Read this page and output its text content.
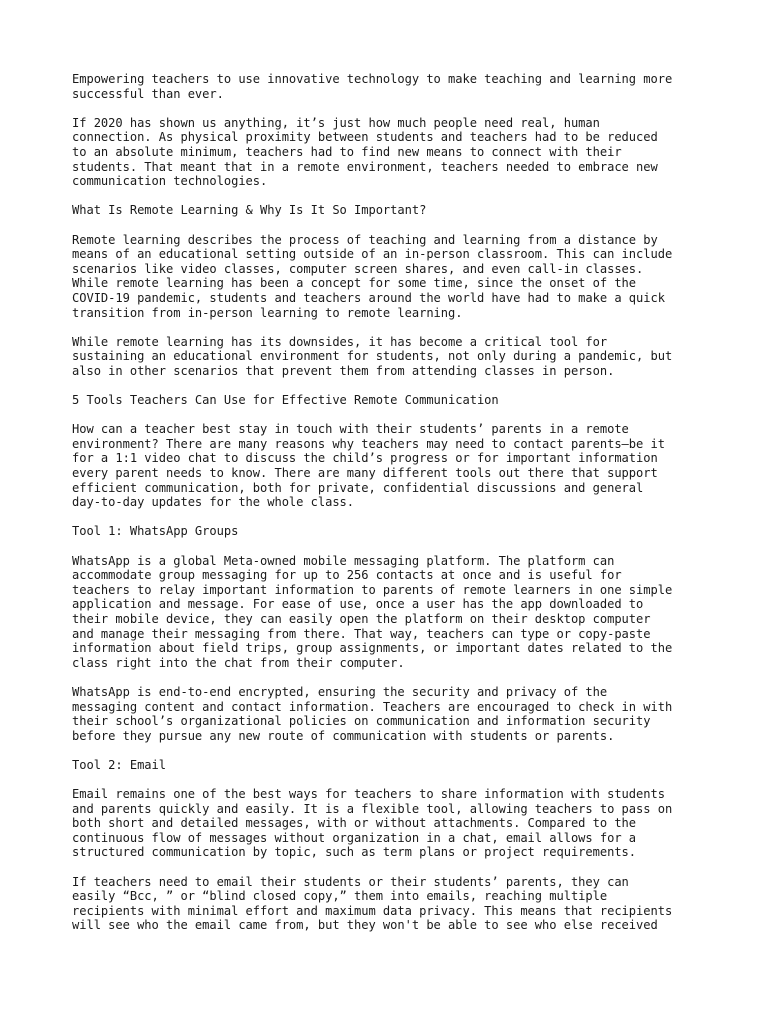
Empowering teachers to use innovative technology to make teaching and learning more
successful than ever.
If 2020 has shown us anything, it’s just how much people need real, human
connection. As physical proximity between students and teachers had to be reduced
to an absolute minimum, teachers had to find new means to connect with their
students. That meant that in a remote environment, teachers needed to embrace new
communication technologies.
What Is Remote Learning & Why Is It So Important?
Remote learning describes the process of teaching and learning from a distance by
means of an educational setting outside of an in-person classroom. This can include
scenarios like video classes, computer screen shares, and even call-in classes.
While remote learning has been a concept for some time, since the onset of the
COVID-19 pandemic, students and teachers around the world have had to make a quick
transition from in-person learning to remote learning.
While remote learning has its downsides, it has become a critical tool for
sustaining an educational environment for students, not only during a pandemic, but
also in other scenarios that prevent them from attending classes in person.
5 Tools Teachers Can Use for Effective Remote Communication
How can a teacher best stay in touch with their students’ parents in a remote
environment? There are many reasons why teachers may need to contact parents—be it
for a 1:1 video chat to discuss the child’s progress or for important information
every parent needs to know. There are many different tools out there that support
efficient communication, both for private, confidential discussions and general
day-to-day updates for the whole class.
Tool 1: WhatsApp Groups
WhatsApp is a global Meta-owned mobile messaging platform. The platform can
accommodate group messaging for up to 256 contacts at once and is useful for
teachers to relay important information to parents of remote learners in one simple
application and message. For ease of use, once a user has the app downloaded to
their mobile device, they can easily open the platform on their desktop computer
and manage their messaging from there. That way, teachers can type or copy-paste
information about field trips, group assignments, or important dates related to the
class right into the chat from their computer.
WhatsApp is end-to-end encrypted, ensuring the security and privacy of the
messaging content and contact information. Teachers are encouraged to check in with
their school’s organizational policies on communication and information security
before they pursue any new route of communication with students or parents.
Tool 2: Email
Email remains one of the best ways for teachers to share information with students
and parents quickly and easily. It is a flexible tool, allowing teachers to pass on
both short and detailed messages, with or without attachments. Compared to the
continuous flow of messages without organization in a chat, email allows for a
structured communication by topic, such as term plans or project requirements.
If teachers need to email their students or their students’ parents, they can
easily “Bcc, ” or “blind closed copy,” them into emails, reaching multiple
recipients with minimal effort and maximum data privacy. This means that recipients
will see who the email came from, but they won't be able to see who else received
